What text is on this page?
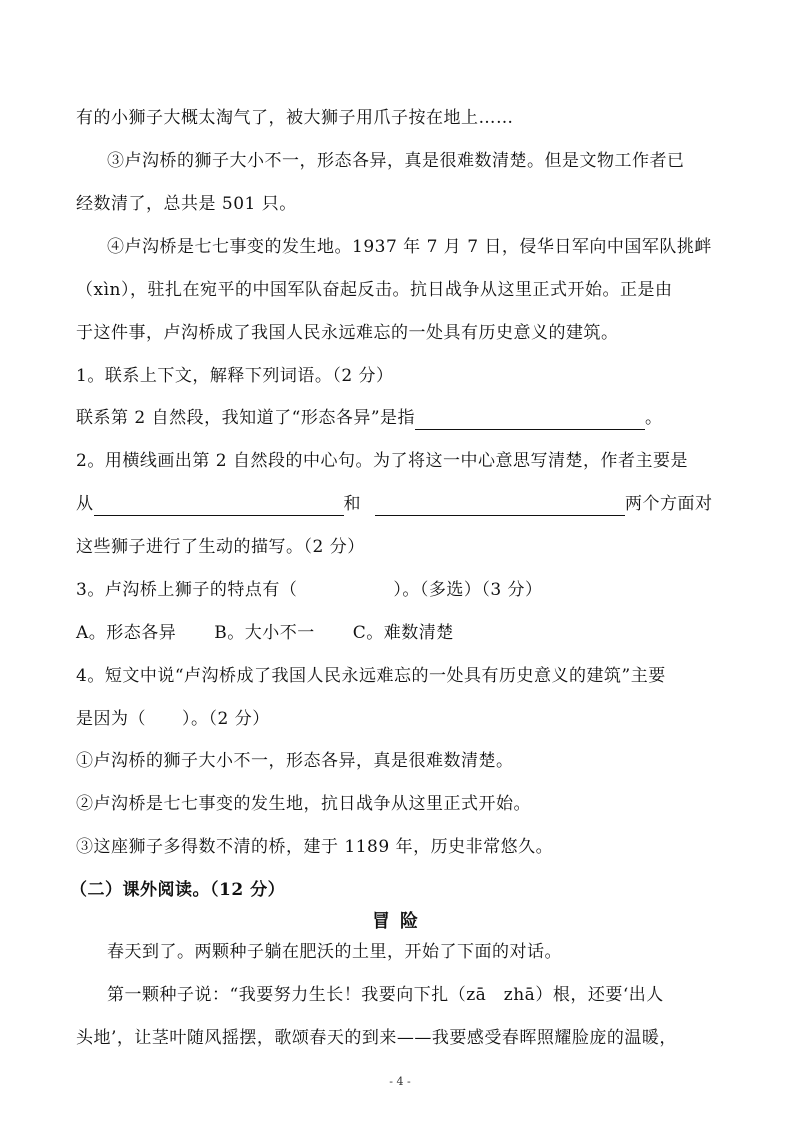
有的小狮子大概太淘气了，被大狮子用爪子按在地上……
③卢沟桥的狮子大小不一，形态各异，真是很难数清楚。但是文物工作者已
经数清了，总共是 501 只。
④卢沟桥是七七事变的发生地。1937 年 7 月 7 日，侵华日军向中国军队挑衅
（xìn），驻扎在宛平的中国军队奋起反击。抗日战争从这里正式开始。正是由
于这件事，卢沟桥成了我国人民永远难忘的一处具有历史意义的建筑。
1。联系上下文，解释下列词语。（2 分）
联系第 2 自然段，我知道了“形态各异”是指	。
2。用横线画出第 2 自然段的中心句。为了将这一中心意思写清楚，作者主要是
从	和	两个方面对
这些狮子进行了生动的描写。（2 分）
3。卢沟桥上狮子的特点有（	）。（多选）（3 分）
A。形态各异 B。大小不一 C。难数清楚
4。短文中说“卢沟桥成了我国人民永远难忘的一处具有历史意义的建筑”主要
是因为（ ）。（2 分）
①卢沟桥的狮子大小不一，形态各异，真是很难数清楚。
②卢沟桥是七七事变的发生地，抗日战争从这里正式开始。
③这座狮子多得数不清的桥，建于 1189 年，历史非常悠久。
（二）课外阅读。（12 分）
冒险
春天到了。两颗种子躺在肥沃的土里，开始了下面的对话。
第一颗种子说：“我要努力生长！我要向下扎（zā　zhā）根，还要‘出人
头地’，让茎叶随风摇摆，歌颂春天的到来——我要感受春晖照耀脸庞的温暖，
- 4 -
